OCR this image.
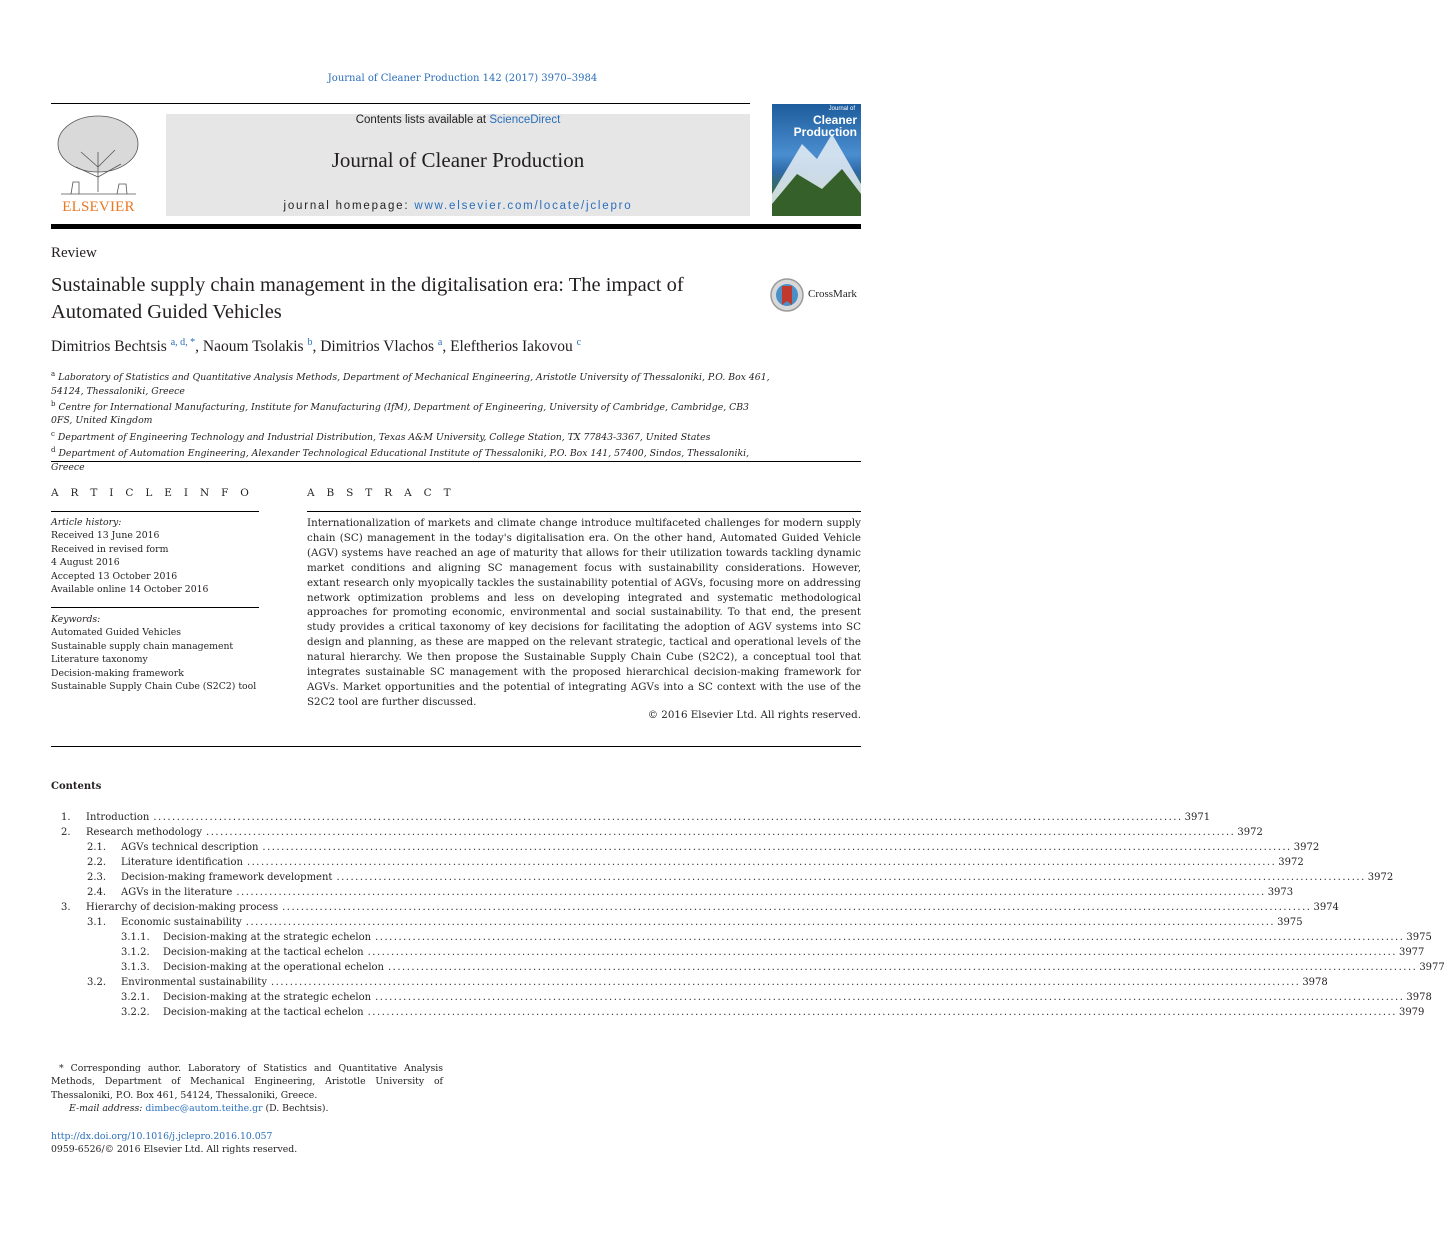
Journal of Cleaner Production 142 (2017) 3970–3984
ELSEVIER
Contents lists available at ScienceDirect
Journal of Cleaner Production
journal homepage: www.elsevier.com/locate/jclepro
Journal of
Cleaner
Production
Review
Sustainable supply chain management in the digitalisation era: The impact of Automated Guided Vehicles
CrossMark
Dimitrios Bechtsis $^{a, d, *}$, Naoum Tsolakis $^b$, Dimitrios Vlachos $^a$, Eleftherios Iakovou $^c$

$^a$ Laboratory of Statistics and Quantitative Analysis Methods, Department of Mechanical Engineering, Aristotle University of Thessaloniki, P.O. Box 461, 54124, Thessaloniki, Greece

$^b$ Centre for International Manufacturing, Institute for Manufacturing (IfM), Department of Engineering, University of Cambridge, Cambridge, CB3 0FS, United Kingdom

$^c$ Department of Engineering Technology and Industrial Distribution, Texas A&M University, College Station, TX 77843-3367, United States

$^d$ Department of Automation Engineering, Alexander Technological Educational Institute of Thessaloniki, P.O. Box 141, 57400, Sindos, Thessaloniki, Greece

A R T I C L E I N F O
Article history:
Received 13 June 2016
Received in revised form
4 August 2016
Accepted 13 October 2016
Available online 14 October 2016
Keywords:
Automated Guided Vehicles
Sustainable supply chain management
Literature taxonomy
Decision-making framework
Sustainable Supply Chain Cube (S2C2) tool
A B S T R A C T
Internationalization of markets and climate change introduce multifaceted challenges for modern supply chain (SC) management in the today's digitalisation era. On the other hand, Automated Guided Vehicle (AGV) systems have reached an age of maturity that allows for their utilization towards tackling dynamic market conditions and aligning SC management focus with sustainability considerations. However, extant research only myopically tackles the sustainability potential of AGVs, focusing more on addressing network optimization problems and less on developing integrated and systematic methodological approaches for promoting economic, environmental and social sustainability. To that end, the present study provides a critical taxonomy of key decisions for facilitating the adoption of AGV systems into SC design and planning, as these are mapped on the relevant strategic, tactical and operational levels of the natural hierarchy. We then propose the Sustainable Supply Chain Cube (S2C2), a conceptual tool that integrates sustainable SC management with the proposed hierarchical decision-making framework for AGVs. Market opportunities and the potential of integrating AGVs into a SC context with the use of the S2C2 tool are further discussed.
© 2016 Elsevier Ltd. All rights reserved.
Contents
1.	Introduction ............................................................................................................................................................................................................................ 3971
2.	Research methodology ............................................................................................................................................................................................................................ 3972
2.1.	AGVs technical description ............................................................................................................................................................................................................................ 3972
2.2.	Literature identification ............................................................................................................................................................................................................................ 3972
2.3.	Decision-making framework development ............................................................................................................................................................................................................................ 3972
2.4.	AGVs in the literature ............................................................................................................................................................................................................................ 3973
3.	Hierarchy of decision-making process ............................................................................................................................................................................................................................ 3974
3.1.	Economic sustainability ............................................................................................................................................................................................................................ 3975
3.1.1.	Decision-making at the strategic echelon ............................................................................................................................................................................................................................ 3975
3.1.2.	Decision-making at the tactical echelon ............................................................................................................................................................................................................................ 3977
3.1.3.	Decision-making at the operational echelon ............................................................................................................................................................................................................................ 3977
3.2.	Environmental sustainability ............................................................................................................................................................................................................................ 3978
3.2.1.	Decision-making at the strategic echelon ............................................................................................................................................................................................................................ 3978
3.2.2.	Decision-making at the tactical echelon ............................................................................................................................................................................................................................ 3979

* Corresponding author. Laboratory of Statistics and Quantitative Analysis Methods, Department of Mechanical Engineering, Aristotle University of Thessaloniki, P.O. Box 461, 54124, Thessaloniki, Greece.

E-mail address: dimbec@autom.teithe.gr (D. Bechtsis).

http://dx.doi.org/10.1016/j.jclepro.2016.10.057
0959-6526/© 2016 Elsevier Ltd. All rights reserved.
